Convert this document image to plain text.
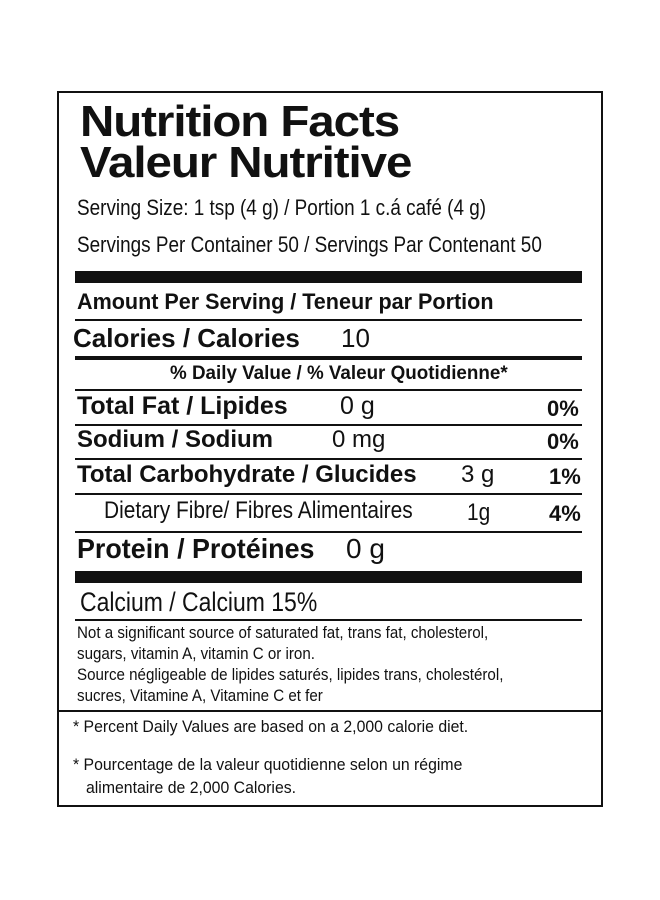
Nutrition Facts
Valeur Nutritive
Serving Size: 1 tsp (4 g) / Portion 1 c.á café (4 g)
Servings Per Container 50 / Servings Par Contenant 50
Amount Per Serving / Teneur par Portion
Calories / Calories 10
% Daily Value / % Valeur Quotidienne*
Total Fat / Lipides 0 g	0%
Sodium / Sodium 0 mg	0%
Total Carbohydrate / Glucides 3 g 1%
Dietary Fibre/ Fibres Alimentaires 1g	4%
Protein / Protéines 0 g
Calcium / Calcium 15%
Not a significant source of saturated fat, trans fat, cholesterol,
sugars, vitamin A, vitamin C or iron.
Source négligeable de lipides saturés, lipides trans, cholestérol,
sucres, Vitamine A, Vitamine C et fer
* Percent Daily Values are based on a 2,000 calorie diet.
* Pourcentage de la valeur quotidienne selon un régime
alimentaire de 2,000 Calories.
